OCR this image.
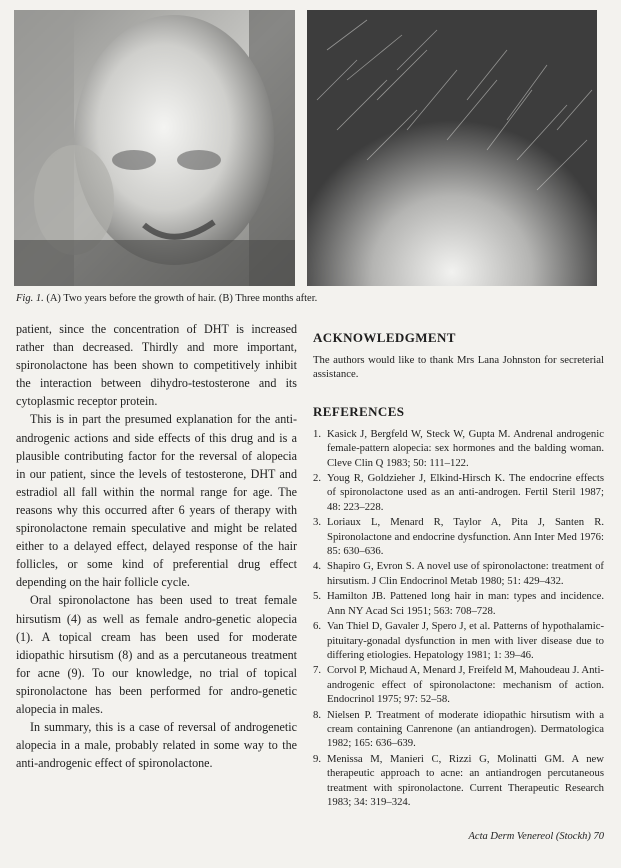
Fig. 1. (A) Two years before the growth of hair. (B) Three months after.

patient, since the concentration of DHT is increased rather than decreased. Thirdly and more important, spironolactone has been shown to competitively inhibit the interaction between dihydro-testosterone and its cytoplasmic receptor protein.

This is in part the presumed explanation for the anti-androgenic actions and side effects of this drug and is a plausible contributing factor for the reversal of alopecia in our patient, since the levels of testosterone, DHT and estradiol all fall within the normal range for age. The reasons why this occurred after 6 years of therapy with spironolactone remain speculative and might be related either to a delayed effect, delayed response of the hair follicles, or some kind of preferential drug effect depending on the hair follicle cycle.

Oral spironolactone has been used to treat female hirsutism (4) as well as female andro-genetic alopecia (1). A topical cream has been used for moderate idiopathic hirsutism (8) and as a percutaneous treatment for acne (9). To our knowledge, no trial of topical spironolactone has been performed for andro-genetic alopecia in males.

In summary, this is a case of reversal of androgenetic alopecia in a male, probably related in some way to the anti-androgenic effect of spironolactone.

ACKNOWLEDGMENT

The authors would like to thank Mrs Lana Johnston for secreterial assistance.

REFERENCES
1. Kasick J, Bergfeld W, Steck W, Gupta M. Andrenal androgenic female-pattern alopecia: sex hormones and the balding woman. Cleve Clin Q 1983; 50: 111–122.
2. Youg R, Goldzieher J, Elkind-Hirsch K. The endocrine effects of spironolactone used as an anti-androgen. Fertil Steril 1987; 48: 223–228.
3. Loriaux L, Menard R, Taylor A, Pita J, Santen R. Spironolactone and endocrine dysfunction. Ann Inter Med 1976: 85: 630–636.
4. Shapiro G, Evron S. A novel use of spironolactone: treatment of hirsutism. J Clin Endocrinol Metab 1980; 51: 429–432.
5. Hamilton JB. Pattened long hair in man: types and incidence. Ann NY Acad Sci 1951; 563: 708–728.
6. Van Thiel D, Gavaler J, Spero J, et al. Patterns of hypothalamic-pituitary-gonadal dysfunction in men with liver disease due to differing etiologies. Hepatology 1981; 1: 39–46.
7. Corvol P, Michaud A, Menard J, Freifeld M, Mahoudeau J. Anti-androgenic effect of spironolactone: mechanism of action. Endocrinol 1975; 97: 52–58.
8. Nielsen P. Treatment of moderate idiopathic hirsutism with a cream containing Canrenone (an antiandrogen). Dermatologica 1982; 165: 636–639.
9. Menissa M, Manieri C, Rizzi G, Molinatti GM. A new therapeutic approach to acne: an antiandrogen percutaneous treatment with spironolactone. Current Therapeutic Research 1983; 34: 319–324.
Acta Derm Venereol (Stockh) 70
